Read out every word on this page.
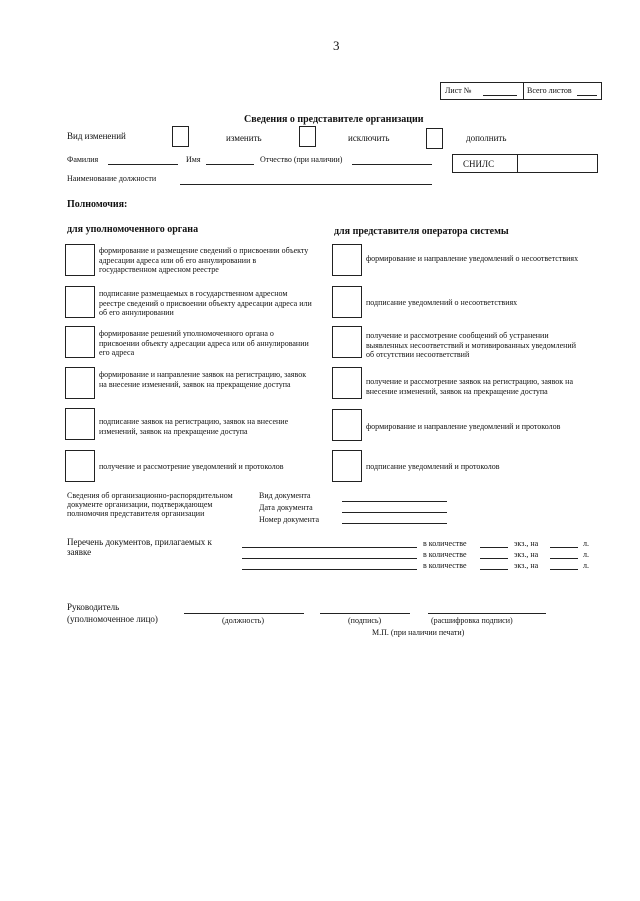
3
Лист №	Всего листов
Сведения о представителе организации
Вид изменений	изменить	исключить	дополнить
Фамилия	Имя	Отчество (при наличии)	СНИЛС
Наименование должности
Полномочия:
для уполномоченного органа	для представителя оператора системы
формирование и размещение сведений о присвоении объекту адресации адреса или об его аннулировании в государственном адресном реестре
подписание размещаемых в государственном адресном реестре сведений о присвоении объекту адресации адреса или об его аннулировании
формирование решений уполномоченного органа о присвоении объекту адресации адреса или об аннулировании его адреса
формирование и направление заявок на регистрацию, заявок на внесение изменений, заявок на прекращение доступа
подписание заявок на регистрацию, заявок на внесение изменений, заявок на прекращение доступа
получение и рассмотрение уведомлений и протоколов
формирование и направление уведомлений о несоответствиях
подписание уведомлений о несоответствиях
получение и рассмотрение сообщений об устранении выявленных несоответствий и мотивированных уведомлений об отсутствии несоответствий
получение и рассмотрение заявок на регистрацию, заявок на внесение изменений, заявок на прекращение доступа
формирование и направление уведомлений и протоколов
подписание уведомлений и протоколов
Сведения об организационно-распорядительном документе организации, подтверждающем полномочия представителя организации
Вид документа
Дата документа
Номер документа
Перечень документов, прилагаемых к заявке
в количестве	экз., на	л.
в количестве	экз., на	л.
в количестве	экз., на	л.
Руководитель
(уполномоченное лицо)	(должность)	(подпись)	(расшифровка подписи)
М.П. (при наличии печати)
